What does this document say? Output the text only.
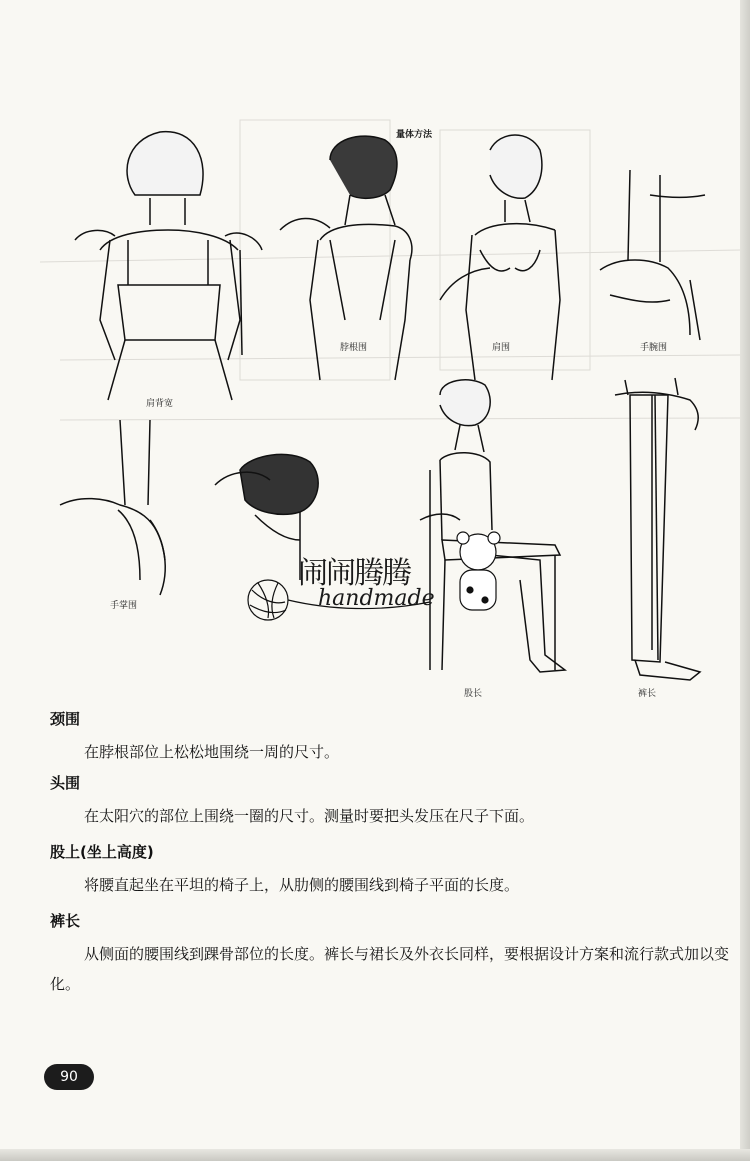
量体方法
肩背宽
脖根围	肩围	手腕围
手掌围
股长	裤长
闹闹腾腾
handmade
颈围
在脖根部位上松松地围绕一周的尺寸。
头围
在太阳穴的部位上围绕一圈的尺寸。测量时要把头发压在尺子下面。
股上(坐上高度)
将腰直起坐在平坦的椅子上，从肋侧的腰围线到椅子平面的长度。
裤长
从侧面的腰围线到踝骨部位的长度。裤长与裙长及外衣长同样，要根据设计方案和流行款式加以变化。
90
